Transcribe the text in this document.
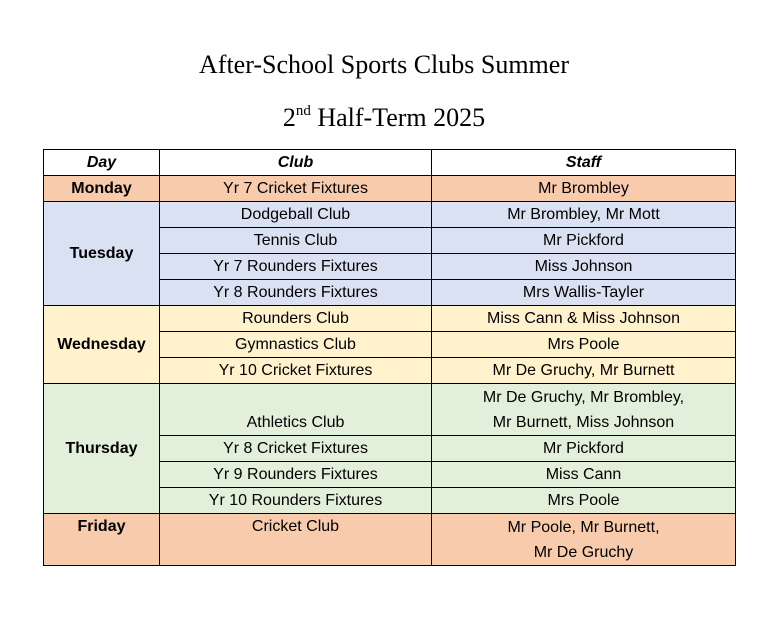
After-School Sports Clubs Summer
2nd Half-Term 2025
Day	Club	Staff
Monday	Yr 7 Cricket Fixtures	Mr Brombley
Tuesday	Dodgeball Club	Mr Brombley, Mr Mott
	Tennis Club	Mr Pickford
	Yr 7 Rounders Fixtures	Miss Johnson
	Yr 8 Rounders Fixtures	Mrs Wallis-Tayler
Wednesday	Rounders Club	Miss Cann & Miss Johnson
	Gymnastics Club	Mrs Poole
	Yr 10 Cricket Fixtures	Mr De Gruchy, Mr Burnett
Thursday	Athletics Club	Mr De Gruchy, Mr Brombley,
Mr Burnett, Miss Johnson

	Yr 8 Cricket Fixtures	Mr Pickford
	Yr 9 Rounders Fixtures	Miss Cann
	Yr 10 Rounders Fixtures	Mrs Poole
Friday	Cricket Club	Mr Poole, Mr Burnett,
Mr De Gruchy
